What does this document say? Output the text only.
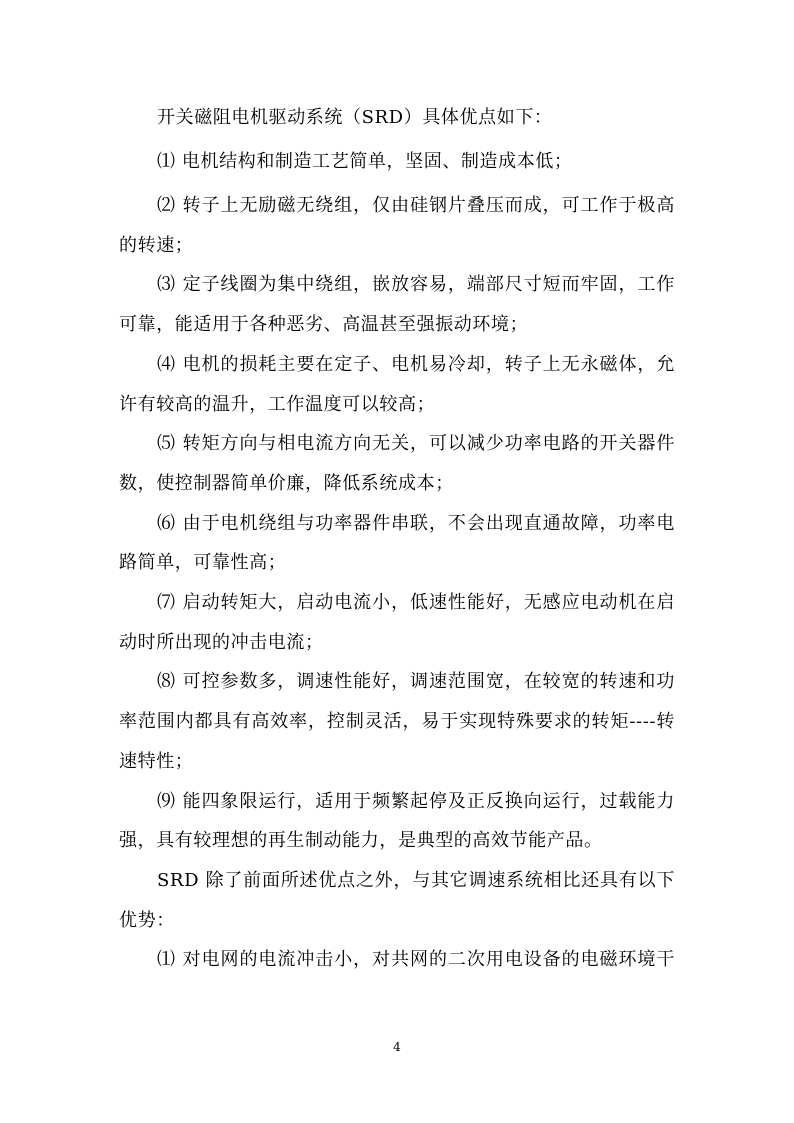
开关磁阻电机驱动系统（SRD）具体优点如下：
⑴ 电机结构和制造工艺简单，坚固、制造成本低；
⑵ 转子上无励磁无绕组，仅由硅钢片叠压而成，可工作于极高
的转速；
⑶ 定子线圈为集中绕组，嵌放容易，端部尺寸短而牢固，工作
可靠，能适用于各种恶劣、高温甚至强振动环境；
⑷ 电机的损耗主要在定子、电机易冷却，转子上无永磁体，允
许有较高的温升，工作温度可以较高；
⑸ 转矩方向与相电流方向无关，可以减少功率电路的开关器件
数，使控制器简单价廉，降低系统成本；
⑹ 由于电机绕组与功率器件串联，不会出现直通故障，功率电
路简单，可靠性高；
⑺ 启动转矩大，启动电流小，低速性能好，无感应电动机在启
动时所出现的冲击电流；
⑻ 可控参数多，调速性能好，调速范围宽，在较宽的转速和功
率范围内都具有高效率，控制灵活，易于实现特殊要求的转矩----转
速特性；
⑼ 能四象限运行，适用于频繁起停及正反换向运行，过载能力
强，具有较理想的再生制动能力，是典型的高效节能产品。
SRD 除了前面所述优点之外，与其它调速系统相比还具有以下
优势：
⑴ 对电网的电流冲击小，对共网的二次用电设备的电磁环境干
4
